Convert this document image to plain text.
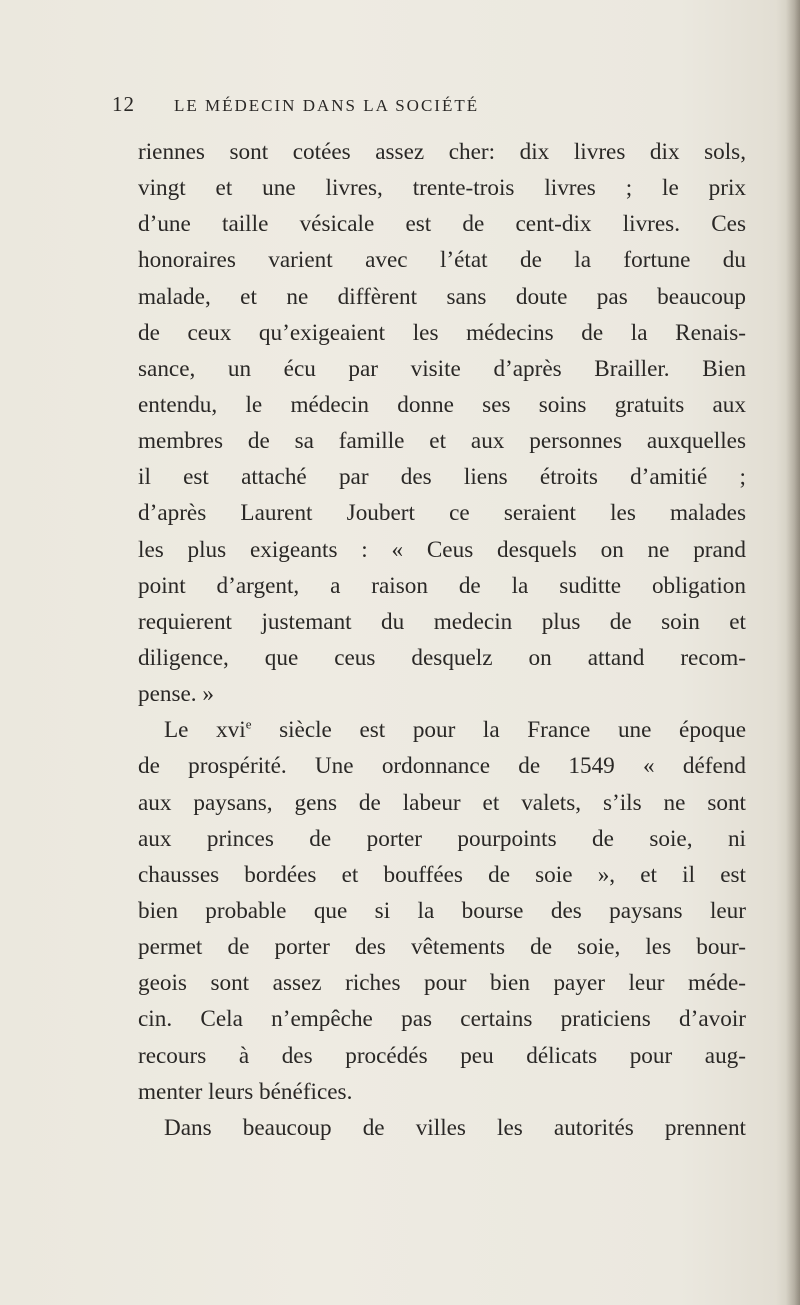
12 LE MÉDECIN DANS LA SOCIÉTÉ
riennes sont cotées assez cher: dix livres dix sols,
vingt et une livres, trente-trois livres ; le prix
d’une taille vésicale est de cent-dix livres. Ces
honoraires varient avec l’état de la fortune du
malade, et ne diffèrent sans doute pas beaucoup
de ceux qu’exigeaient les médecins de la Renais-
sance, un écu par visite d’après Brailler. Bien
entendu, le médecin donne ses soins gratuits aux
membres de sa famille et aux personnes auxquelles
il est attaché par des liens étroits d’amitié ;
d’après Laurent Joubert ce seraient les malades
les plus exigeants : « Ceus desquels on ne prand
point d’argent, a raison de la suditte obligation
requierent justemant du medecin plus de soin et
diligence, que ceus desquelz on attand recom-
pense. »
Le xvi$^e$ siècle est pour la France une époque
de prospérité. Une ordonnance de 1549 « défend
aux paysans, gens de labeur et valets, s’ils ne sont
aux princes de porter pourpoints de soie, ni
chausses bordées et bouffées de soie », et il est
bien probable que si la bourse des paysans leur
permet de porter des vêtements de soie, les bour-
geois sont assez riches pour bien payer leur méde-
cin. Cela n’empêche pas certains praticiens d’avoir
recours à des procédés peu délicats pour aug-
menter leurs bénéfices.
Dans beaucoup de villes les autorités prennent
